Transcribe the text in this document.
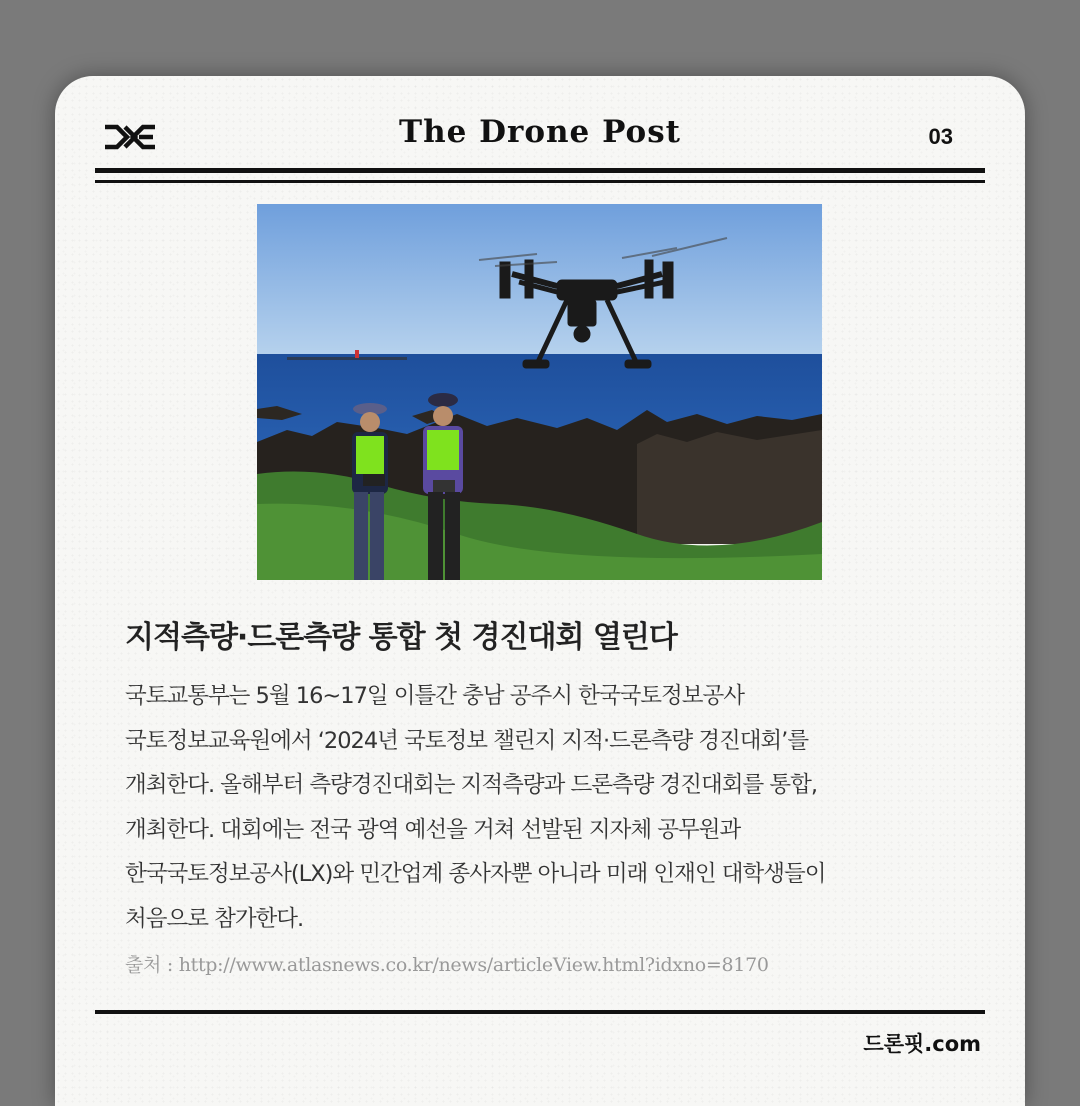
The Drone Post	03
지적측량·드론측량 통합 첫 경진대회 열린다
국토교통부는 5월 16~17일 이틀간 충남 공주시 한국국토정보공사
국토정보교육원에서 ‘2024년 국토정보 챌린지 지적·드론측량 경진대회’를
개최한다. 올해부터 측량경진대회는 지적측량과 드론측량 경진대회를 통합,
개최한다. 대회에는 전국 광역 예선을 거쳐 선발된 지자체 공무원과
한국국토정보공사(LX)와 민간업계 종사자뿐 아니라 미래 인재인 대학생들이
처음으로 참가한다.
출처 : http://www.atlasnews.co.kr/news/articleView.html?idxno=8170
드론핏.com
